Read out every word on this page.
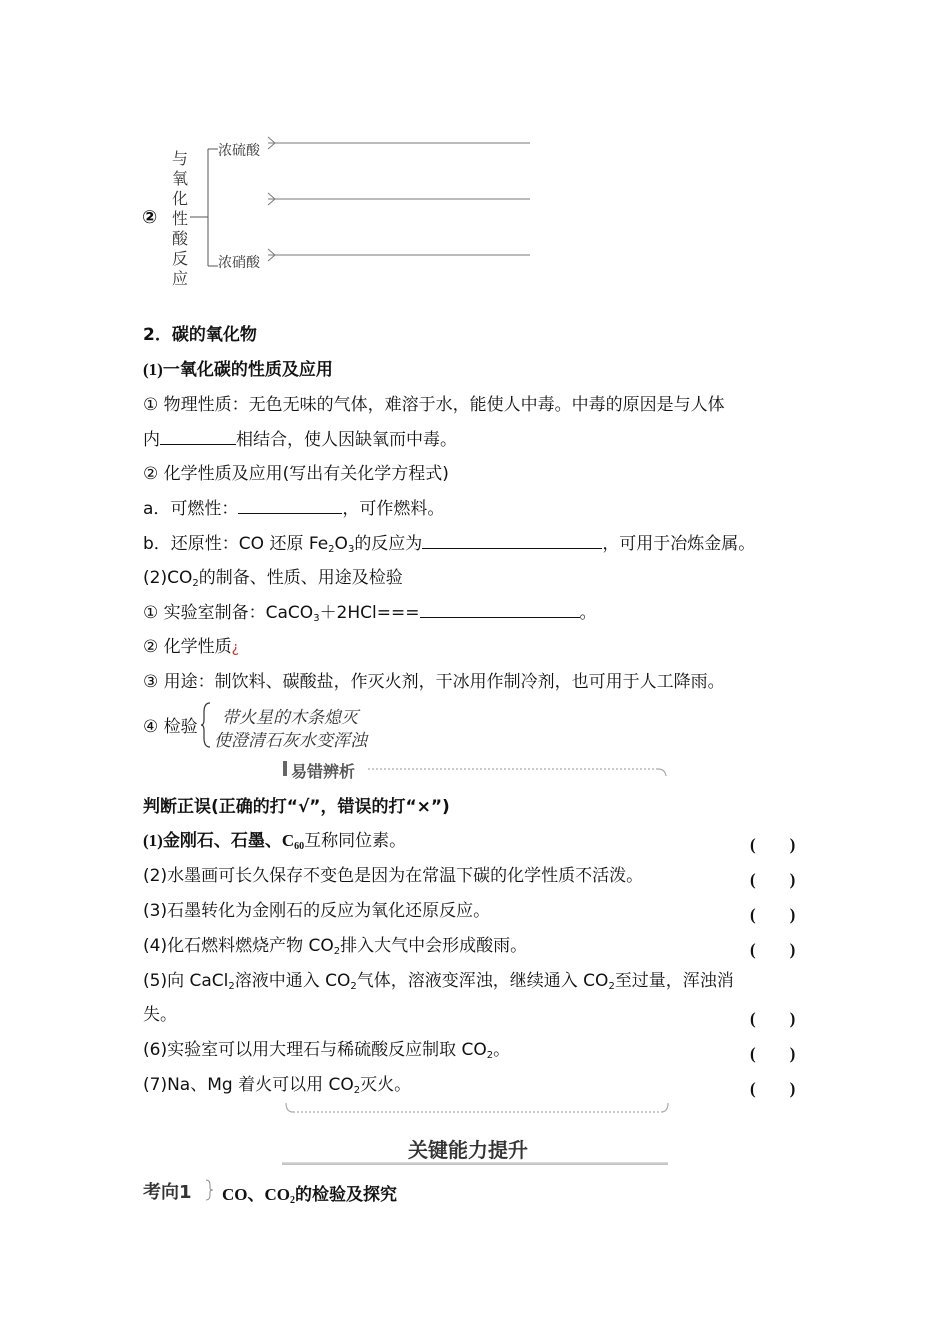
②
与
氧
化
性
酸
反
应
浓硫酸
浓硝酸
2．碳的氧化物
(1)一氧化碳的性质及应用
① 物理性质：无色无味的气体，难溶于水，能使人中毒。中毒的原因是与人体
内	相结合，使人因缺氧而中毒。
② 化学性质及应用(写出有关化学方程式)
a．可燃性：	，可作燃料。
b．还原性：CO 还原 $Fe_2O_3$的反应为	，可用于冶炼金属。
$(2)CO_2$的制备、性质、用途及检验
① 实验室制备：CaCO$_3$＋2HCl===	。
② 化学性质¿
③ 用途：制饮料、碳酸盐，作灭火剂，干冰用作制冷剂，也可用于人工降雨。
④ 检验 带火星的木条熄灭
使澄清石灰水变浑浊
易错辨析
判断正误(正确的打“√”，错误的打“×”)
(1)金刚石、石墨、$C_{60}$互称同位素。	(　　)
(2)水墨画可长久保存不变色是因为在常温下碳的化学性质不活泼。	(　　)
(3)石墨转化为金刚石的反应为氧化还原反应。	(　　)
(4)化石燃料燃烧产物 $CO_2$排入大气中会形成酸雨。	(　　)
(5)向 CaCl$_2$溶液中通入 $CO_2$气体，溶液变浑浊，继续通入 $CO_2$至过量，浑浊消
失。	(　　)
(6)实验室可以用大理石与稀硫酸反应制取 $CO_2$。	(　　)
(7)Na、Mg 着火可以用 $CO_2$灭火。	(　　)
关键能力提升
考向1 CO、$CO_2$的检验及探究
